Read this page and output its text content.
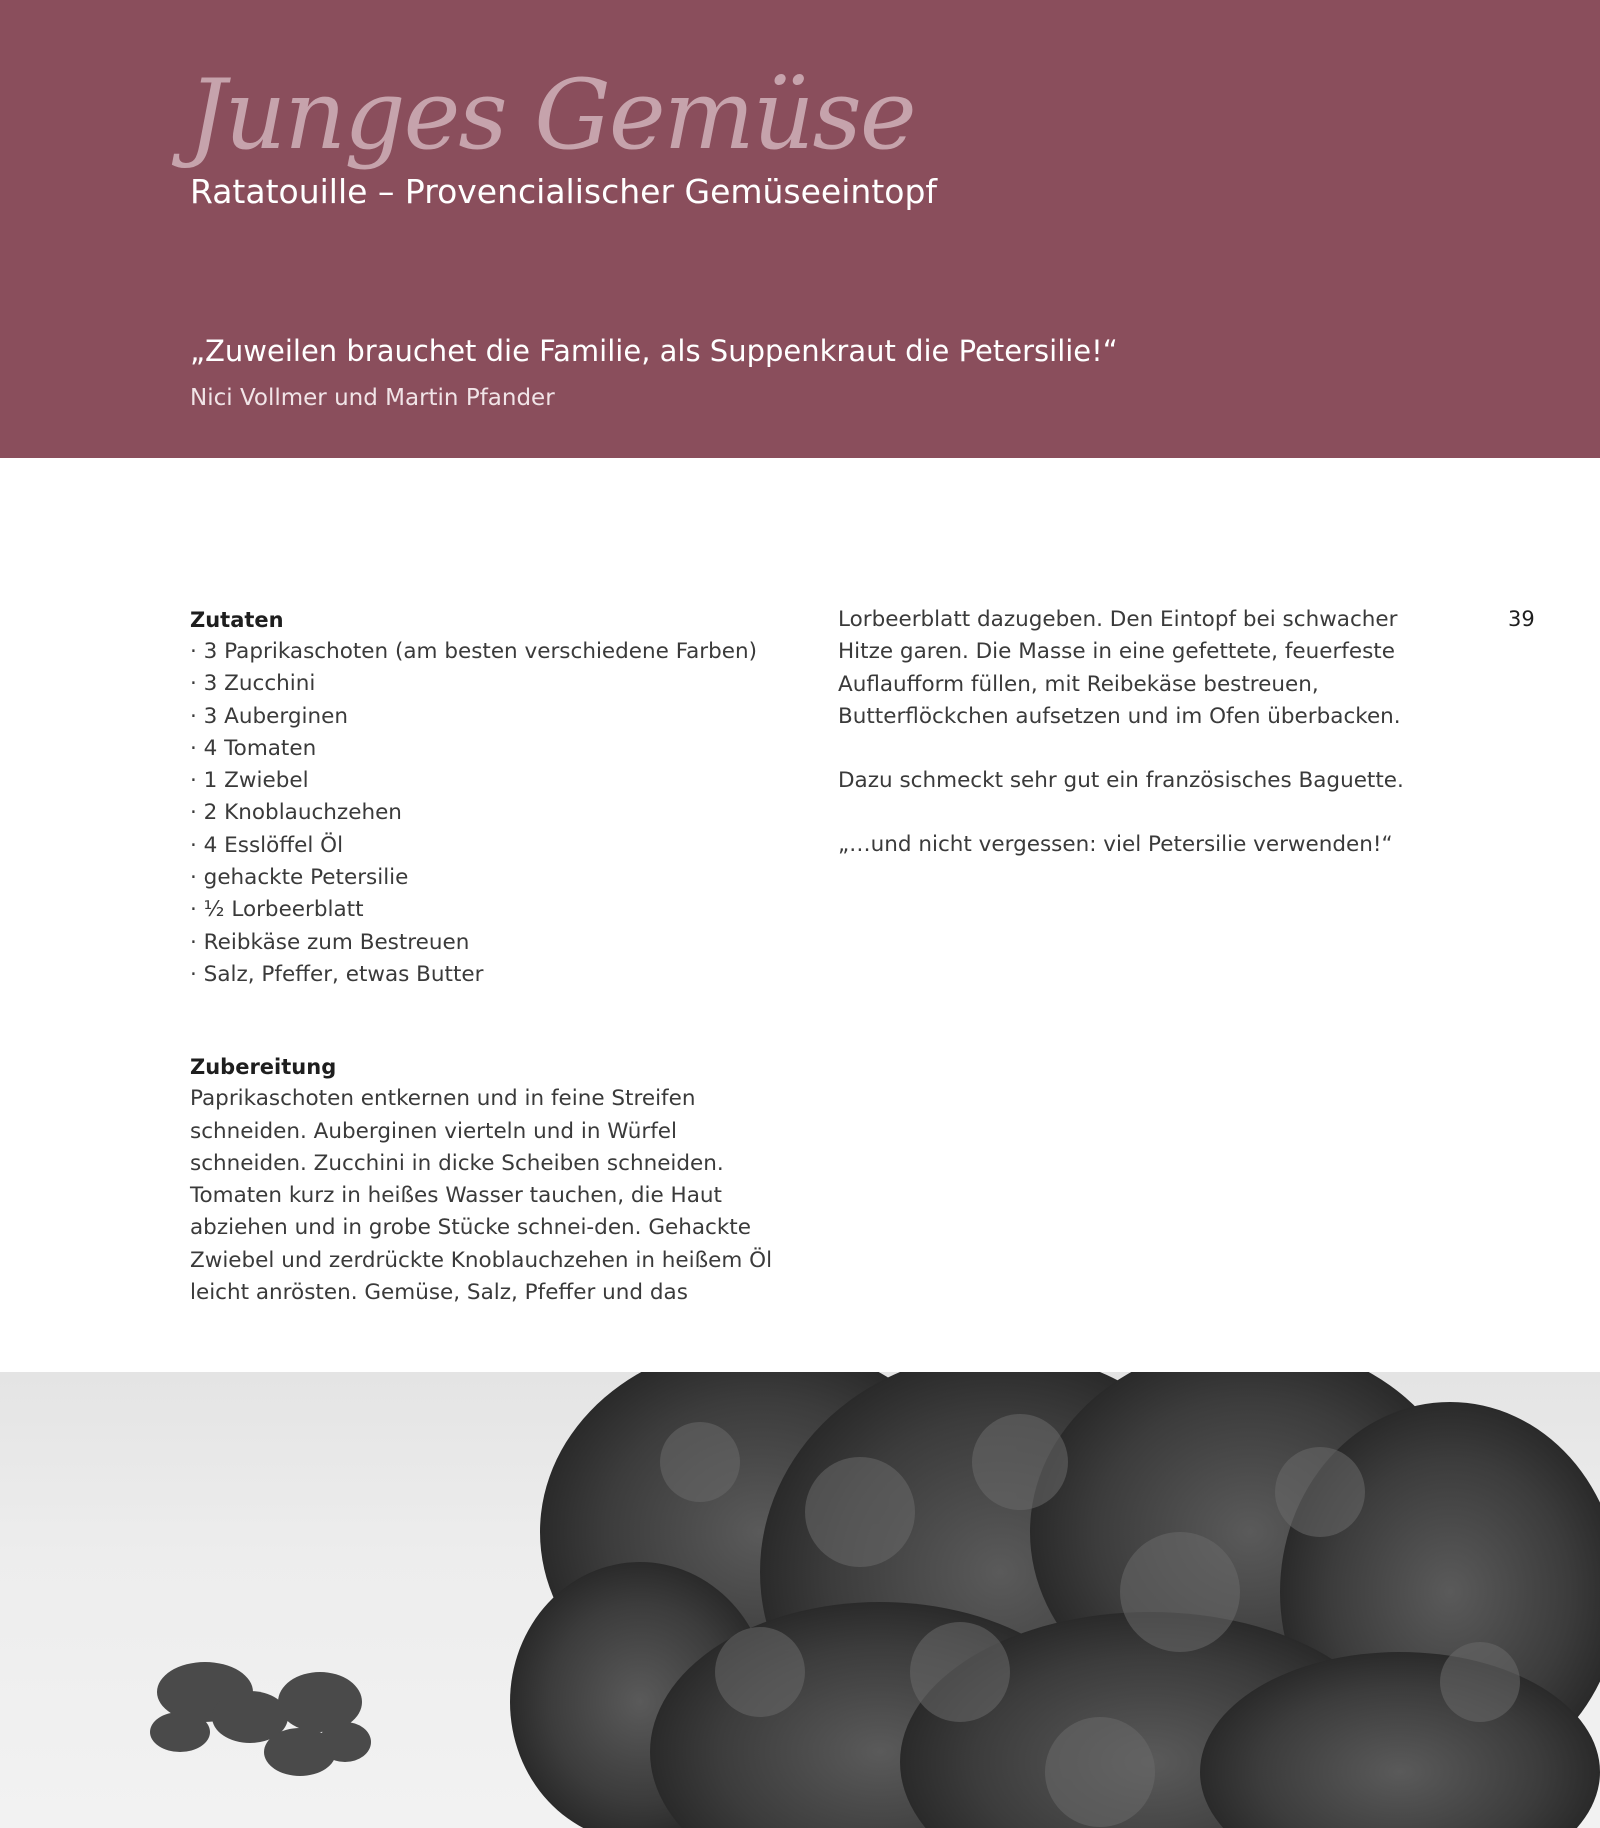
Junges Gemüse
Ratatouille – Provencialischer Gemüseeintopf
„Zuweilen brauchet die Familie, als Suppenkraut die Petersilie!“
Nici Vollmer und Martin Pfander

Zutaten

· 3 Paprikaschoten (am besten verschiedene Farben)
· 3 Zucchini
· 3 Auberginen
· 4 Tomaten
· 1 Zwiebel
· 2 Knoblauchzehen
· 4 Esslöffel Öl
· gehackte Petersilie
· ½ Lorbeerblatt
· Reibkäse zum Bestreuen
· Salz, Pfeffer, etwas Butter

Zubereitung

Paprikaschoten entkernen und in feine Streifen schneiden. Auberginen vierteln und in Würfel schneiden. Zucchini in dicke Scheiben schneiden. Tomaten kurz in heißes Wasser tauchen, die Haut abziehen und in grobe Stücke schnei-den. Gehackte Zwiebel und zerdrückte Knoblauchzehen in heißem Öl leicht anrösten. Gemüse, Salz, Pfeffer und das

Lorbeerblatt dazugeben. Den Eintopf bei schwacher Hitze garen. Die Masse in eine gefettete, feuerfeste Auflaufform füllen, mit Reibekäse bestreuen, Butterflöckchen aufsetzen und im Ofen überbacken.

Dazu schmeckt sehr gut ein französisches Baguette.

„…und nicht vergessen: viel Petersilie verwenden!“

39
